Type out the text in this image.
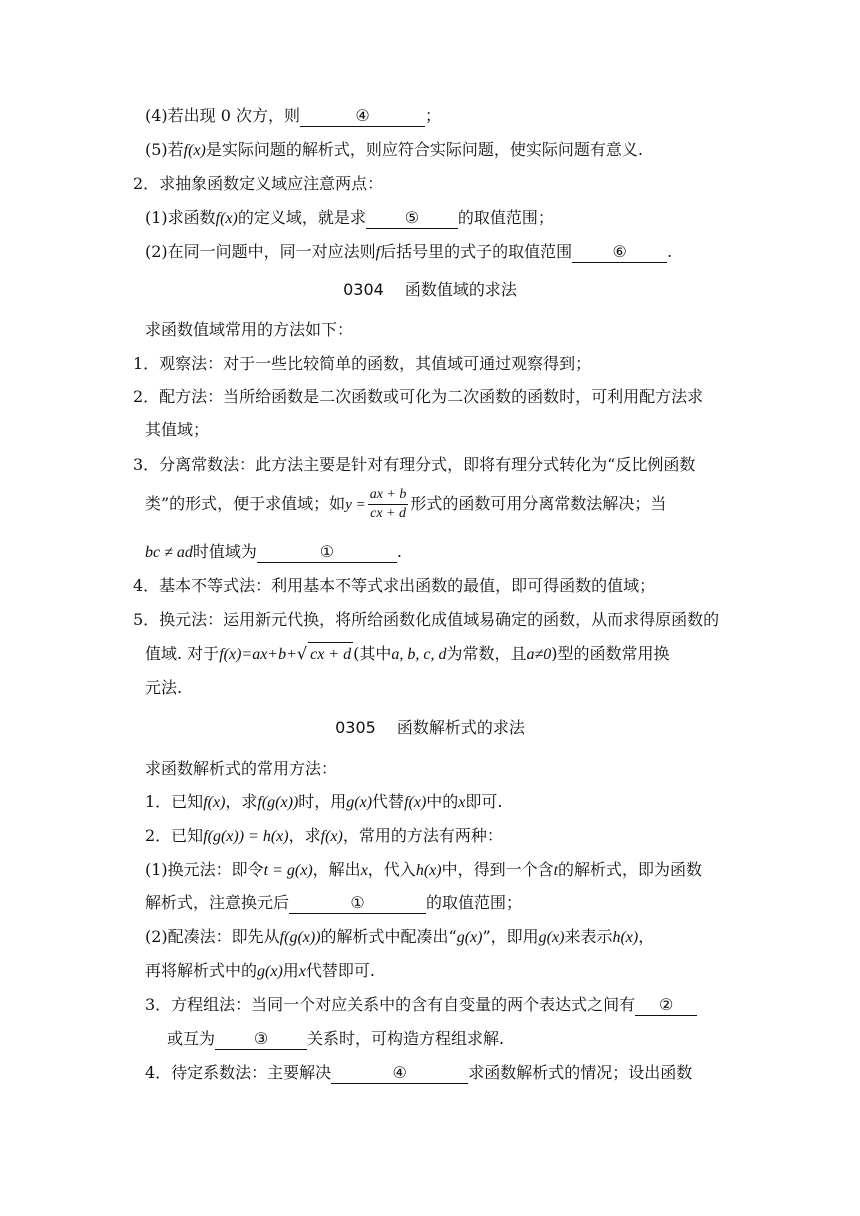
(4)若出现 0 次方，则	④	；
(5)若f(x)是实际问题的解析式，则应符合实际问题，使实际问题有意义.
2．求抽象函数定义域应注意两点：
(1)求函数f(x)的定义域，就是求 ⑤ 的取值范围；
(2)在同一问题中，同一对应法则f后括号里的式子的取值范围	⑥	.
0304　 函数值域的求法
求函数值域常用的方法如下：
1．观察法：对于一些比较简单的函数，其值域可通过观察得到；
2．配方法：当所给函数是二次函数或可化为二次函数的函数时，可利用配方法求
其值域；
3．分离常数法：此方法主要是针对有理分式，即将有理分式转化为“反比例函数
类”的形式，便于求值域；如$y = \frac{ax + b}{cx + d}$ 形式的函数可用分离常数法解决；当
bc ≠ ad时值域为	①	.
4．基本不等式法：利用基本不等式求出函数的最值，即可得函数的值域；
5．换元法：运用新元代换，将所给函数化成值域易确定的函数，从而求得原函数的
值域. 对于f(x)=ax+b+√ cx + d (其中a, b, c, d为常数，且a≠0)型的函数常用换
元法.
0305　 函数解析式的求法
求函数解析式的常用方法：
1．已知f(x)，求f(g(x))时，用g(x)代替f(x)中的x即可.
2．已知f(g(x)) = h(x)，求f(x)，常用的方法有两种：
(1)换元法：即令t = g(x)，解出x，代入h(x)中，得到一个含t的解析式，即为函数
解析式，注意换元后	①	的取值范围；
(2)配凑法：即先从f(g(x))的解析式中配凑出“g(x)”，即用g(x)来表示h(x)，
再将解析式中的g(x)用x代替即可.
3．方程组法：当同一个对应关系中的含有自变量的两个表达式之间有 ②
或互为 ③ 关系时，可构造方程组求解.
4．待定系数法：主要解决	④	求函数解析式的情况；设出函数
